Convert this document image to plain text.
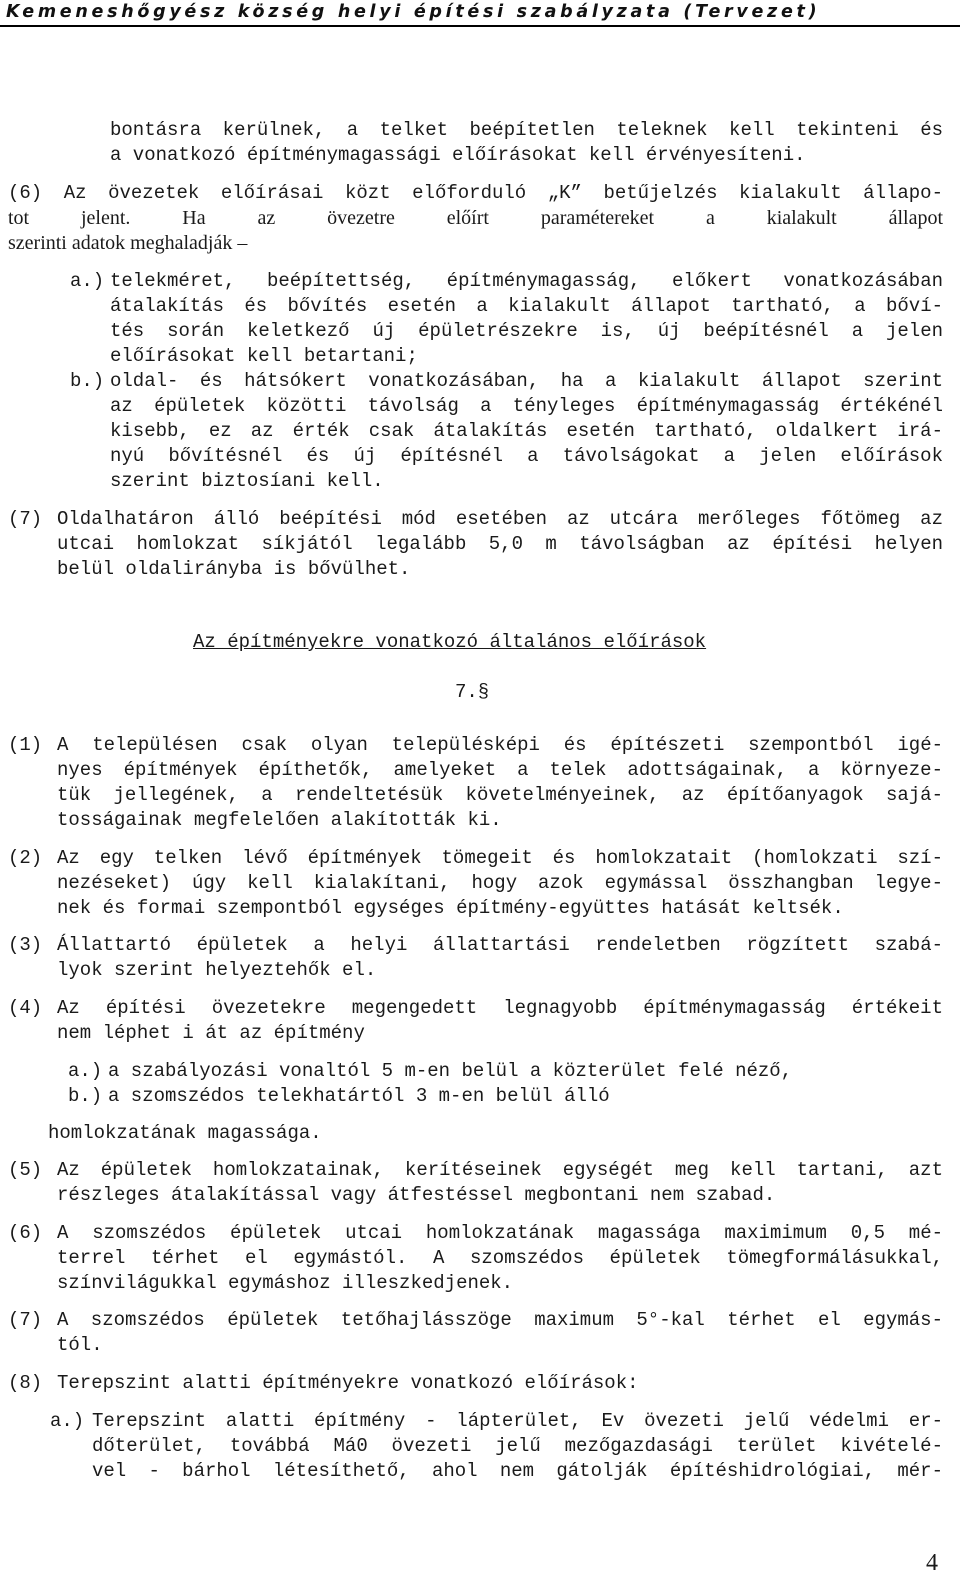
Kemeneshőgyész község helyi építési szabályzata (Tervezet)
bontásra kerülnek, a telket beépítetlen teleknek kell tekinteni és
a vonatkozó építménymagassági előírásokat kell érvényesíteni.
(6) Az övezetek előírásai közt előforduló „K” betűjelzés kialakult állapo-
tot jelent. Ha az övezetre előírt paramétereket a kialakult állapot
szerinti adatok meghaladják –
a.) telekméret, beépítettség, építménymagasság, előkert vonatkozásában
átalakítás és bővítés esetén a kialakult állapot tartható, a bőví-
tés során keletkező új épületrészekre is, új beépítésnél a jelen
előírásokat kell betartani;
b.) oldal- és hátsókert vonatkozásában, ha a kialakult állapot szerint
az épületek közötti távolság a tényleges építménymagasság értékénél
kisebb, ez az érték csak átalakítás esetén tartható, oldalkert irá-
nyú bővítésnél és új építésnél a távolságokat a jelen előírások
szerint biztosíani kell.
(7) Oldalhatáron álló beépítési mód esetében az utcára merőleges főtömeg az
utcai homlokzat síkjától legalább 5,0 m távolságban az építési helyen
belül oldalirányba is bővülhet.
Az építményekre vonatkozó általános előírások
7.§
(1) A településen csak olyan településképi és építészeti szempontból igé-
nyes építmények építhetők, amelyeket a telek adottságainak, a környeze-
tük jellegének, a rendeltetésük követelményeinek, az építőanyagok sajá-
tosságainak megfelelően alakították ki.
(2) Az egy telken lévő építmények tömegeit és homlokzatait (homlokzati szí-
nezéseket) úgy kell kialakítani, hogy azok egymással összhangban legye-
nek és formai szempontból egységes építmény-együttes hatását keltsék.
(3) Állattartó épületek a helyi állattartási rendeletben rögzített szabá-
lyok szerint helyeztehők el.
(4) Az építési övezetekre megengedett legnagyobb építménymagasság értékeit
nem léphet i át az építmény
a.) a szabályozási vonaltól 5 m-en belül a közterület felé néző,
b.) a szomszédos telekhatártól 3 m-en belül álló
homlokzatának magassága.
(5) Az épületek homlokzatainak, kerítéseinek egységét meg kell tartani, azt
részleges átalakítással vagy átfestéssel megbontani nem szabad.
(6) A szomszédos épületek utcai homlokzatának magassága maximimum 0,5 mé-
terrel térhet el egymástól. A szomszédos épületek tömegformálásukkal,
színvilágukkal egymáshoz illeszkedjenek.
(7) A szomszédos épületek tetőhajlásszöge maximum 5°-kal térhet el egymás-
tól.
(8) Terepszint alatti építményekre vonatkozó előírások:
a.) Terepszint alatti építmény - lápterület, Ev övezeti jelű védelmi er-
dőterület, továbbá Má0 övezeti jelű mezőgazdasági terület kivételé-
vel - bárhol létesíthető, ahol nem gátolják építéshidrológiai, mér-
4
